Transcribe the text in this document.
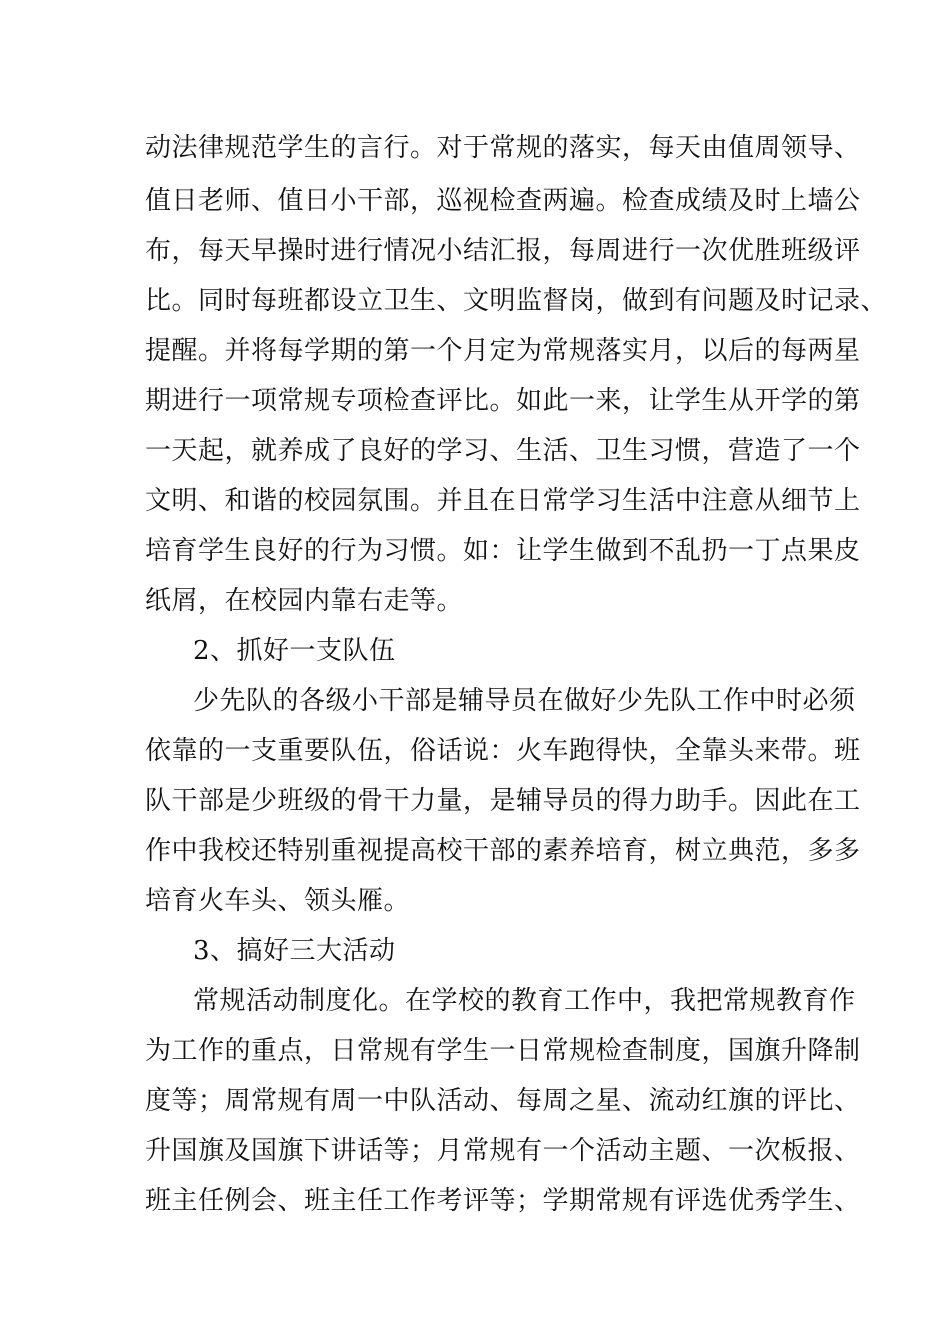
动法律规范学生的言行。对于常规的落实，每天由值周领导、
值日老师、值日小干部，巡视检查两遍。检查成绩及时上墙公
布，每天早操时进行情况小结汇报，每周进行一次优胜班级评
比。同时每班都设立卫生、文明监督岗，做到有问题及时记录、
提醒。并将每学期的第一个月定为常规落实月，以后的每两星
期进行一项常规专项检查评比。如此一来，让学生从开学的第
一天起，就养成了良好的学习、生活、卫生习惯，营造了一个
文明、和谐的校园氛围。并且在日常学习生活中注意从细节上
培育学生良好的行为习惯。如：让学生做到不乱扔一丁点果皮
纸屑，在校园内靠右走等。
2、抓好一支队伍
少先队的各级小干部是辅导员在做好少先队工作中时必须
依靠的一支重要队伍，俗话说：火车跑得快，全靠头来带。班
队干部是少班级的骨干力量，是辅导员的得力助手。因此在工
作中我校还特别重视提高校干部的素养培育，树立典范，多多
培育火车头、领头雁。
3、搞好三大活动
常规活动制度化。在学校的教育工作中，我把常规教育作
为工作的重点，日常规有学生一日常规检查制度，国旗升降制
度等；周常规有周一中队活动、每周之星、流动红旗的评比、
升国旗及国旗下讲话等；月常规有一个活动主题、一次板报、
班主任例会、班主任工作考评等；学期常规有评选优秀学生、
